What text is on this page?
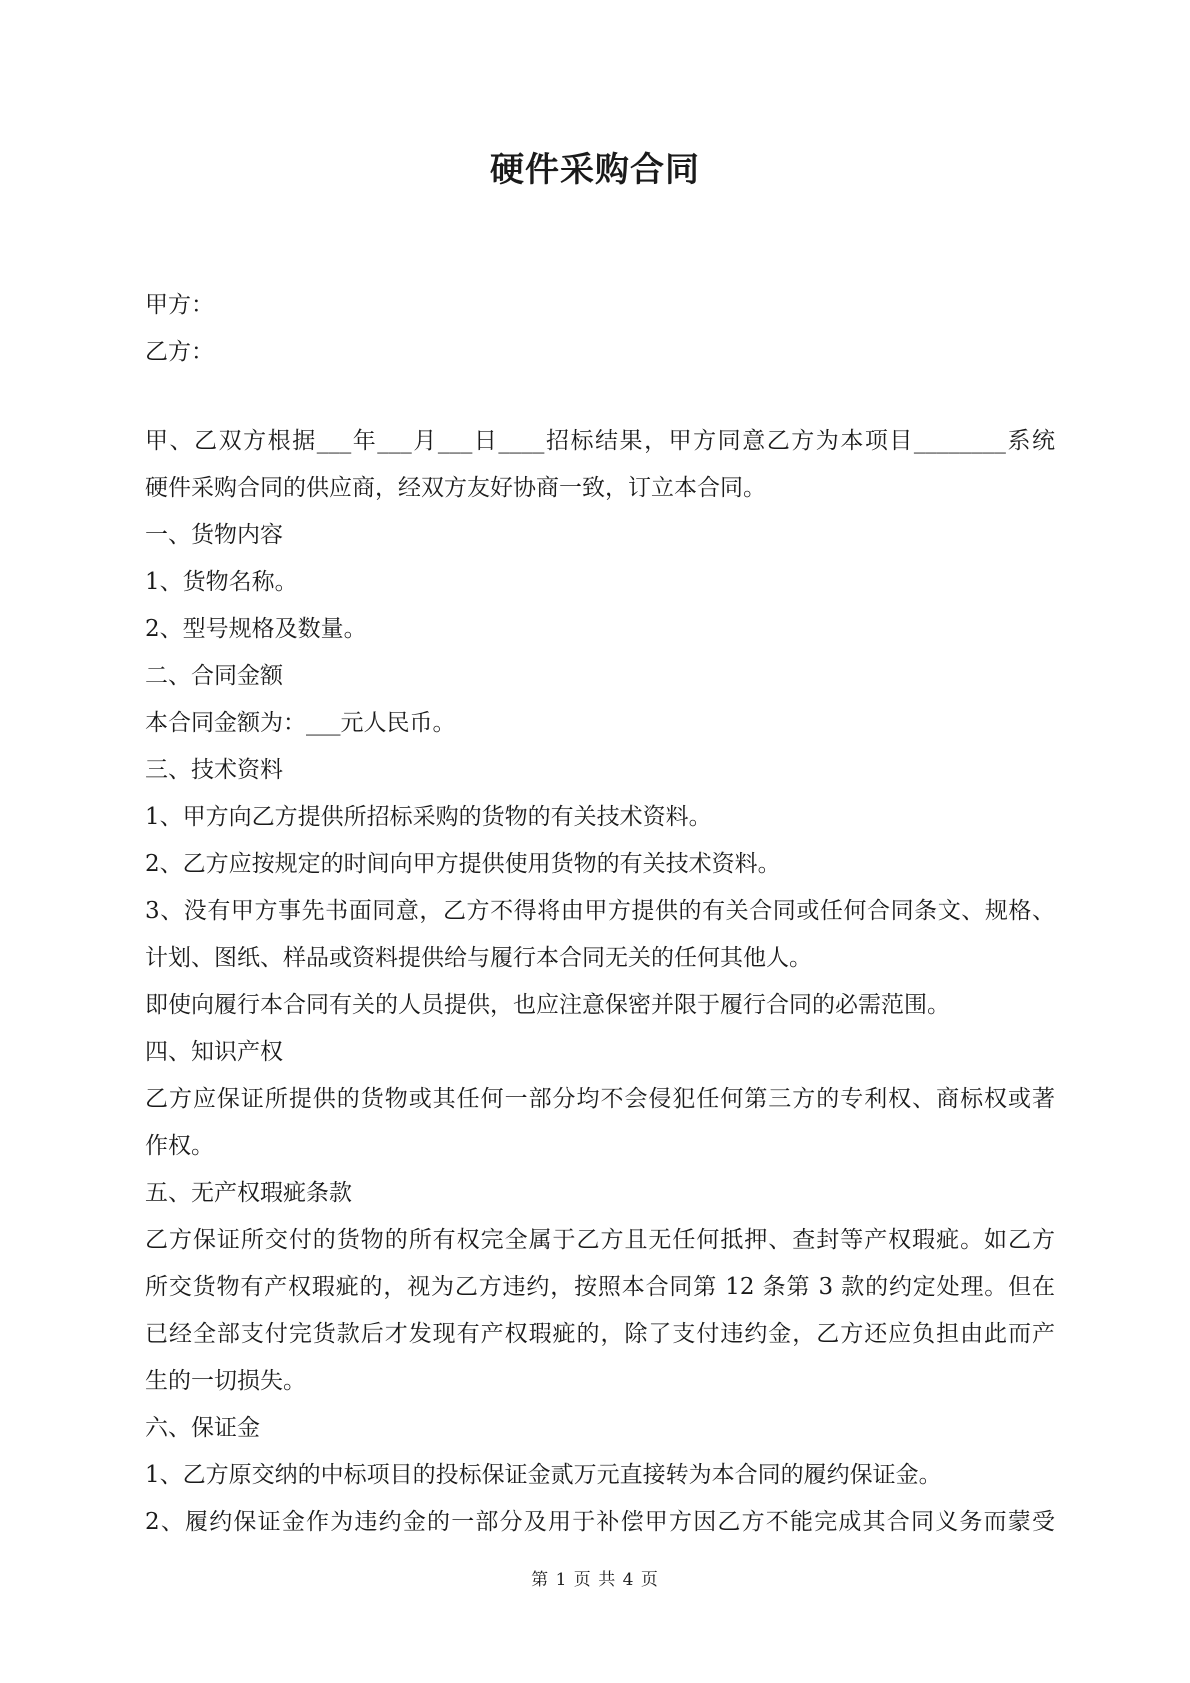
硬件采购合同
甲方：
乙方：
甲、乙双方根据___年___月___日____招标结果，甲方同意乙方为本项目________系统
硬件采购合同的供应商，经双方友好协商一致，订立本合同。
一、货物内容
1、货物名称。
2、型号规格及数量。
二、合同金额
本合同金额为：___元人民币。
三、技术资料
1、甲方向乙方提供所招标采购的货物的有关技术资料。
2、乙方应按规定的时间向甲方提供使用货物的有关技术资料。
3、没有甲方事先书面同意，乙方不得将由甲方提供的有关合同或任何合同条文、规格、
计划、图纸、样品或资料提供给与履行本合同无关的任何其他人。
即使向履行本合同有关的人员提供，也应注意保密并限于履行合同的必需范围。
四、知识产权
乙方应保证所提供的货物或其任何一部分均不会侵犯任何第三方的专利权、商标权或著
作权。
五、无产权瑕疵条款
乙方保证所交付的货物的所有权完全属于乙方且无任何抵押、查封等产权瑕疵。如乙方
所交货物有产权瑕疵的，视为乙方违约，按照本合同第 12 条第 3 款的约定处理。但在
已经全部支付完货款后才发现有产权瑕疵的，除了支付违约金，乙方还应负担由此而产
生的一切损失。
六、保证金
1、乙方原交纳的中标项目的投标保证金贰万元直接转为本合同的履约保证金。
2、履约保证金作为违约金的一部分及用于补偿甲方因乙方不能完成其合同义务而蒙受
第 1 页 共 4 页
